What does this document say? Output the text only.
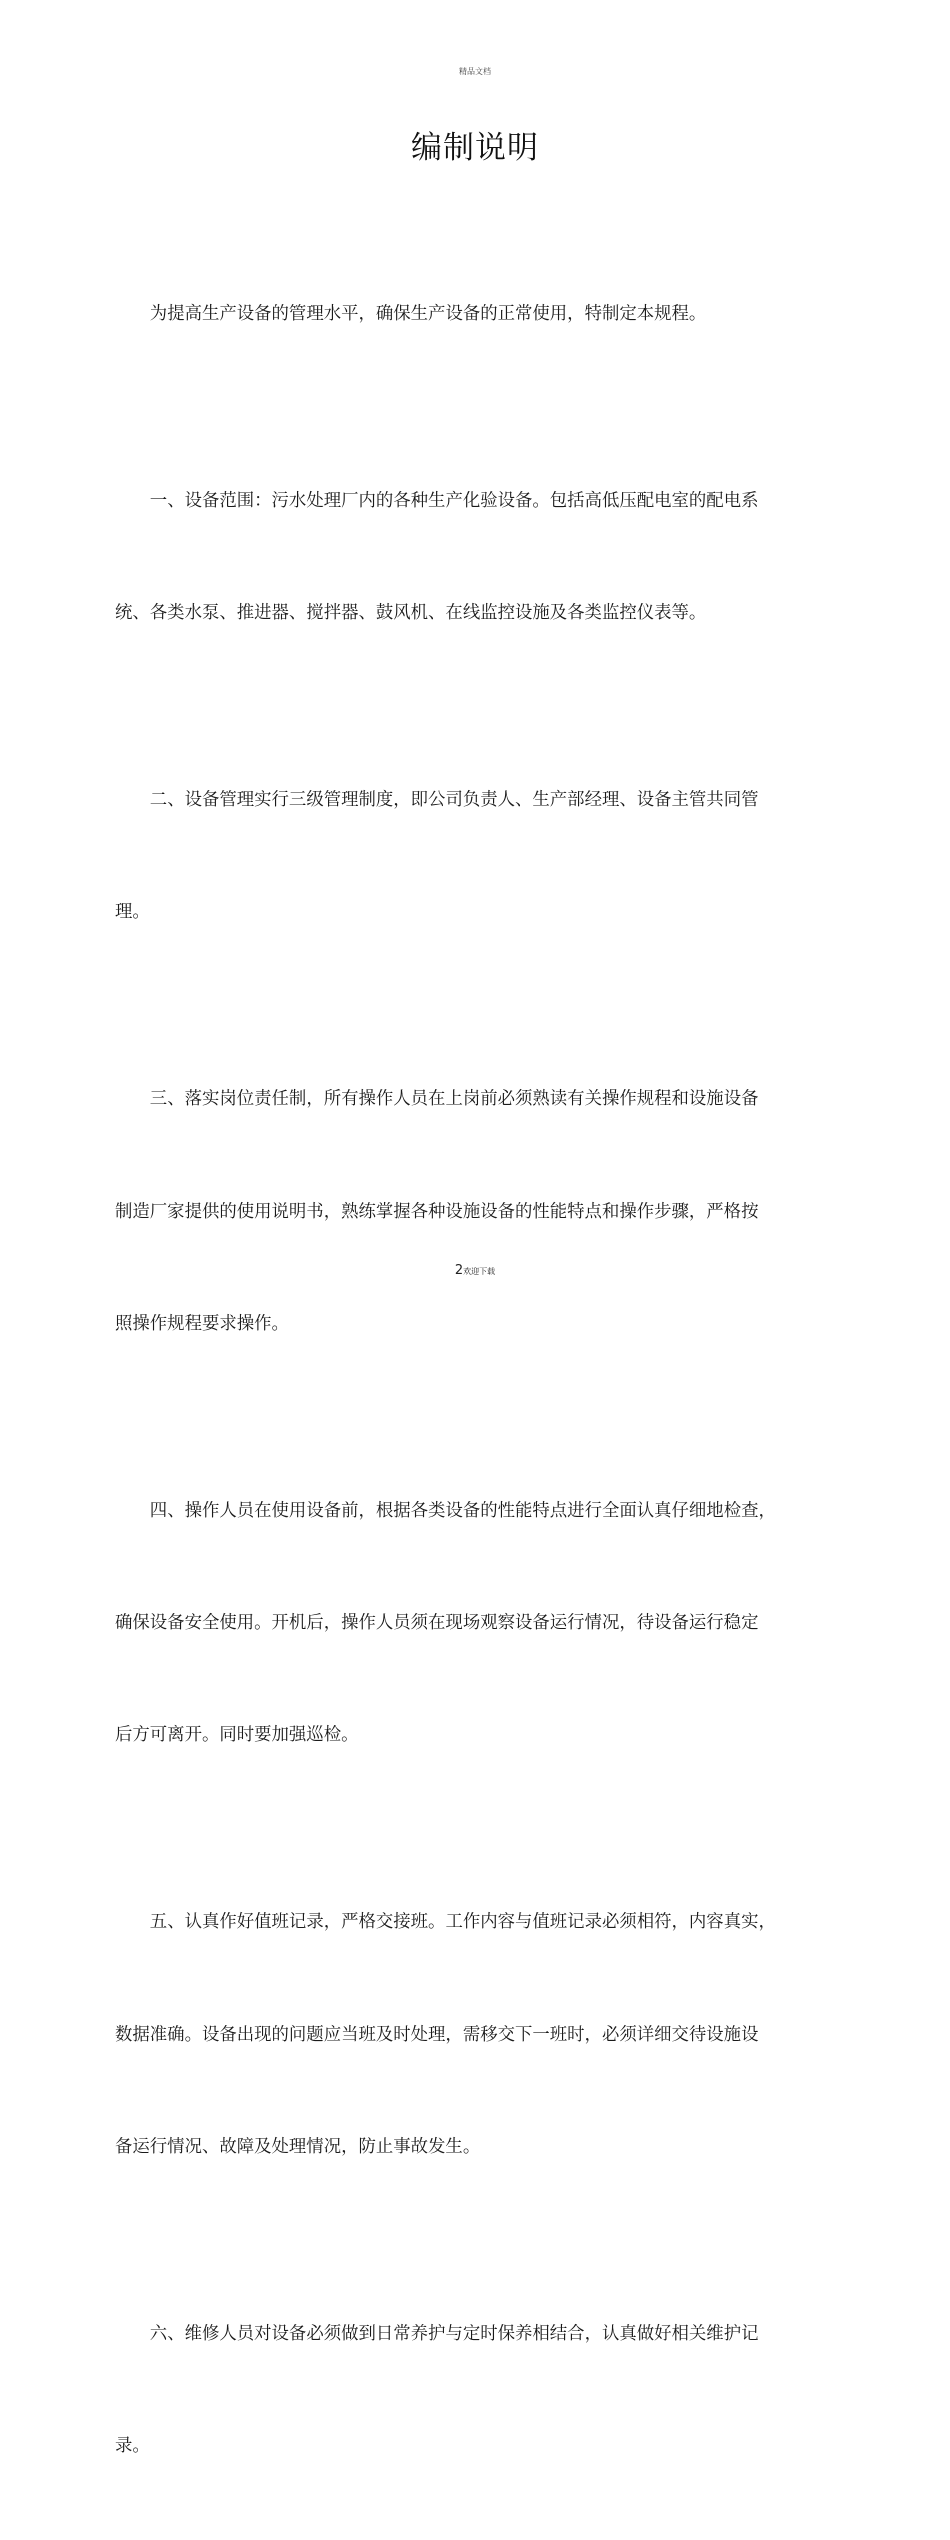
精品文档
编制说明

为提高生产设备的管理水平，确保生产设备的正常使用，特制定本规程。

一、设备范围：污水处理厂内的各种生产化验设备。包括高低压配电室的配电系

统、各类水泵、推进器、搅拌器、鼓风机、在线监控设施及各类监控仪表等。

二、设备管理实行三级管理制度，即公司负责人、生产部经理、设备主管共同管

理。

三、落实岗位责任制，所有操作人员在上岗前必须熟读有关操作规程和设施设备

制造厂家提供的使用说明书，熟练掌握各种设施设备的性能特点和操作步骤，严格按

照操作规程要求操作。

四、操作人员在使用设备前，根据各类设备的性能特点进行全面认真仔细地检查，

确保设备安全使用。开机后，操作人员须在现场观察设备运行情况，待设备运行稳定

后方可离开。同时要加强巡检。

五、认真作好值班记录，严格交接班。工作内容与值班记录必须相符，内容真实，

数据准确。设备出现的问题应当班及时处理，需移交下一班时，必须详细交待设施设

备运行情况、故障及处理情况，防止事故发生。

六、维修人员对设备必须做到日常养护与定时保养相结合，认真做好相关维护记

录。

2欢迎下载
